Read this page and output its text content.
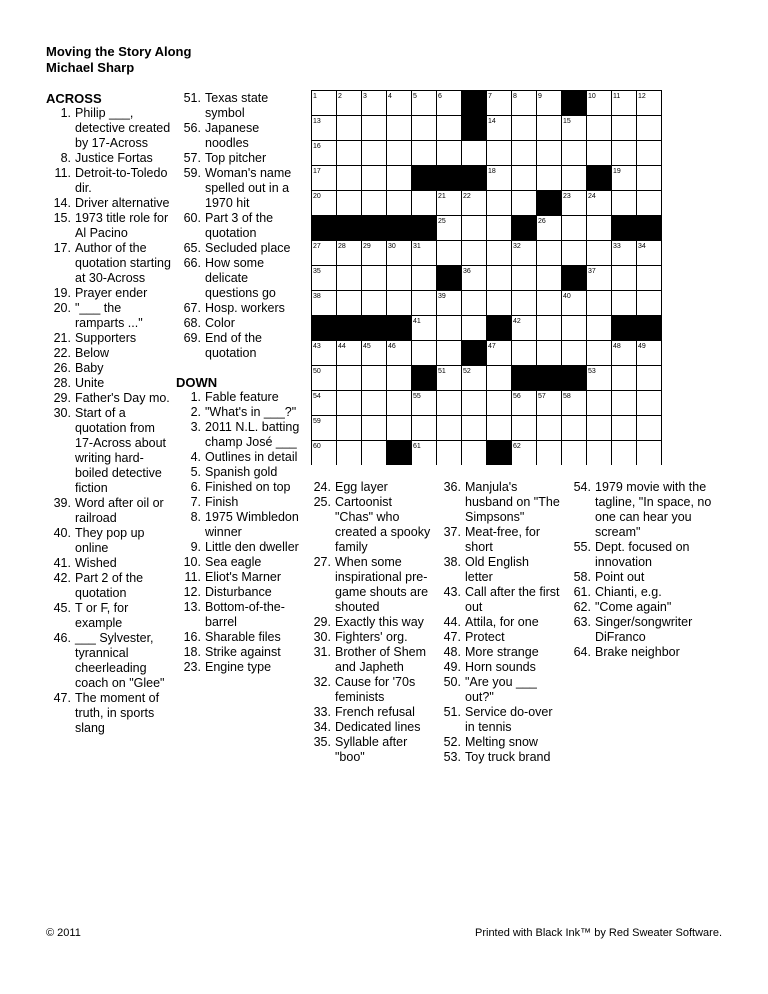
Moving the Story Along
Michael Sharp
ACROSS
1. Philip ___, detective created by 17-Across
8. Justice Fortas
11. Detroit-to-Toledo dir.
14. Driver alternative
15. 1973 title role for Al Pacino
17. Author of the quotation starting at 30-Across
19. Prayer ender
20. "___ the ramparts ..."
21. Supporters
22. Below
26. Baby
28. Unite
29. Father's Day mo.
30. Start of a quotation from 17-Across about writing hard-boiled detective fiction
39. Word after oil or railroad
40. They pop up online
41. Wished
42. Part 2 of the quotation
45. T or F, for example
46. ___ Sylvester, tyrannical cheerleading coach on "Glee"
47. The moment of truth, in sports slang
51. Texas state symbol
56. Japanese noodles
57. Top pitcher
59. Woman's name spelled out in a 1970 hit
60. Part 3 of the quotation
65. Secluded place
66. How some delicate questions go
67. Hosp. workers
68. Color
69. End of the quotation
DOWN
1. Fable feature
2. "What's in ___?"
3. 2011 N.L. batting champ José ___
4. Outlines in detail
5. Spanish gold
6. Finished on top
7. Finish
8. 1975 Wimbledon winner
9. Little den dweller
10. Sea eagle
11. Eliot's Marner
12. Disturbance
13. Bottom-of-the-barrel
16. Sharable files
18. Strike against
23. Engine type
24. Egg layer
25. Cartoonist "Chas" who created a spooky family
27. When some inspirational pre-game shouts are shouted
29. Exactly this way
30. Fighters' org.
31. Brother of Shem and Japheth
32. Cause for '70s feminists
33. French refusal
34. Dedicated lines
35. Syllable after "boo"
36. Manjula's husband on "The Simpsons"
37. Meat-free, for short
38. Old English letter
43. Call after the first out
44. Attila, for one
47. Protect
48. More strange
49. Horn sounds
50. "Are you ___ out?"
51. Service do-over in tennis
52. Melting snow
53. Toy truck brand
54. 1979 movie with the tagline, "In space, no one can hear you scream"
55. Dept. focused on innovation
58. Point out
61. Chianti, e.g.
62. "Come again"
63. Singer/songwriter DiFranco
64. Brake neighbor
1	2	3	4	5	6	7	8	9	10 11	12
13	14	15
16
17	18	19
20	21 22	23 24
25	26
27 28 29 30 31	32	33 34
35	36	37
38	39	40
41	42
43 44 45 46	47	48 49
50	51 52	53
54	55	56 57 58
59
60	61	62
© 2011	Printed with Black Ink™ by Red Sweater Software.
